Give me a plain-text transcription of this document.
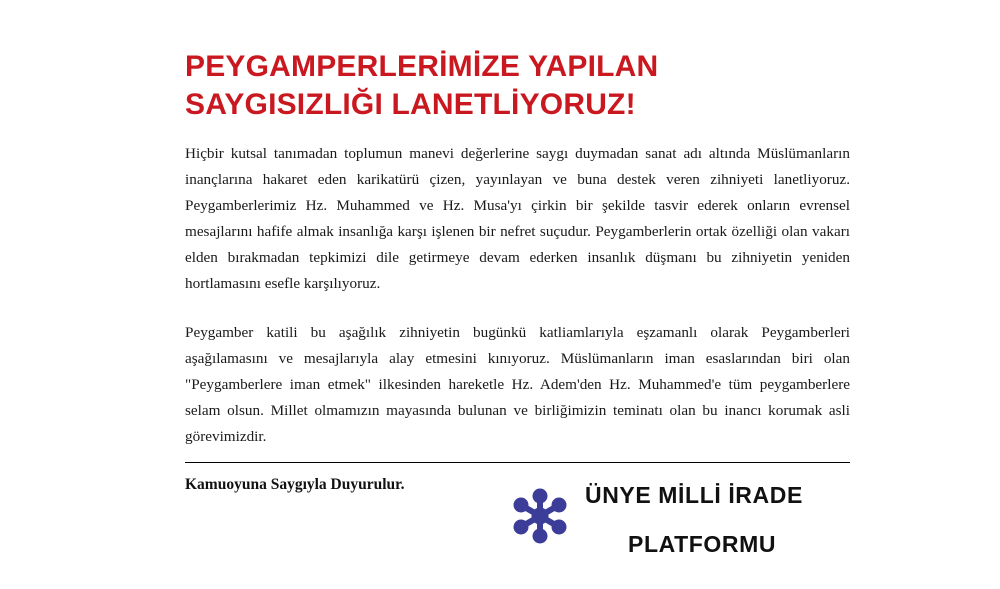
PEYGAMPERLERİMİZE YAPILAN
SAYGISIZLIĞI LANETLİYORUZ!

Hiçbir kutsal tanımadan toplumun manevi değerlerine saygı duymadan sanat adı altında Müslümanların inançlarına hakaret eden karikatürü çizen, yayınlayan ve buna destek veren zihniyeti lanetliyoruz. Peygamberlerimiz Hz. Muhammed ve Hz. Musa'yı çirkin bir şekilde tasvir ederek onların evrensel mesajlarını hafife almak insanlığa karşı işlenen bir nefret suçudur. Peygamberlerin ortak özelliği olan vakarı elden bırakmadan tepkimizi dile getirmeye devam ederken insanlık düşmanı bu zihniyetin yeniden hortlamasını esefle karşılıyoruz.

Peygamber katili bu aşağılık zihniyetin bugünkü katliamlarıyla eşzamanlı olarak Peygamberleri aşağılamasını ve mesajlarıyla alay etmesini kınıyoruz. Müslümanların iman esaslarından biri olan "Peygamberlere iman etmek" ilkesinden hareketle Hz. Adem'den Hz. Muhammed'e tüm peygamberlere selam olsun. Millet olmamızın mayasında bulunan ve birliğimizin teminatı olan bu inancı korumak asli görevimizdir.

Kamuoyuna Saygıyla Duyurulur.	ÜNYE MİLLİ İRADE
PLATFORMU
